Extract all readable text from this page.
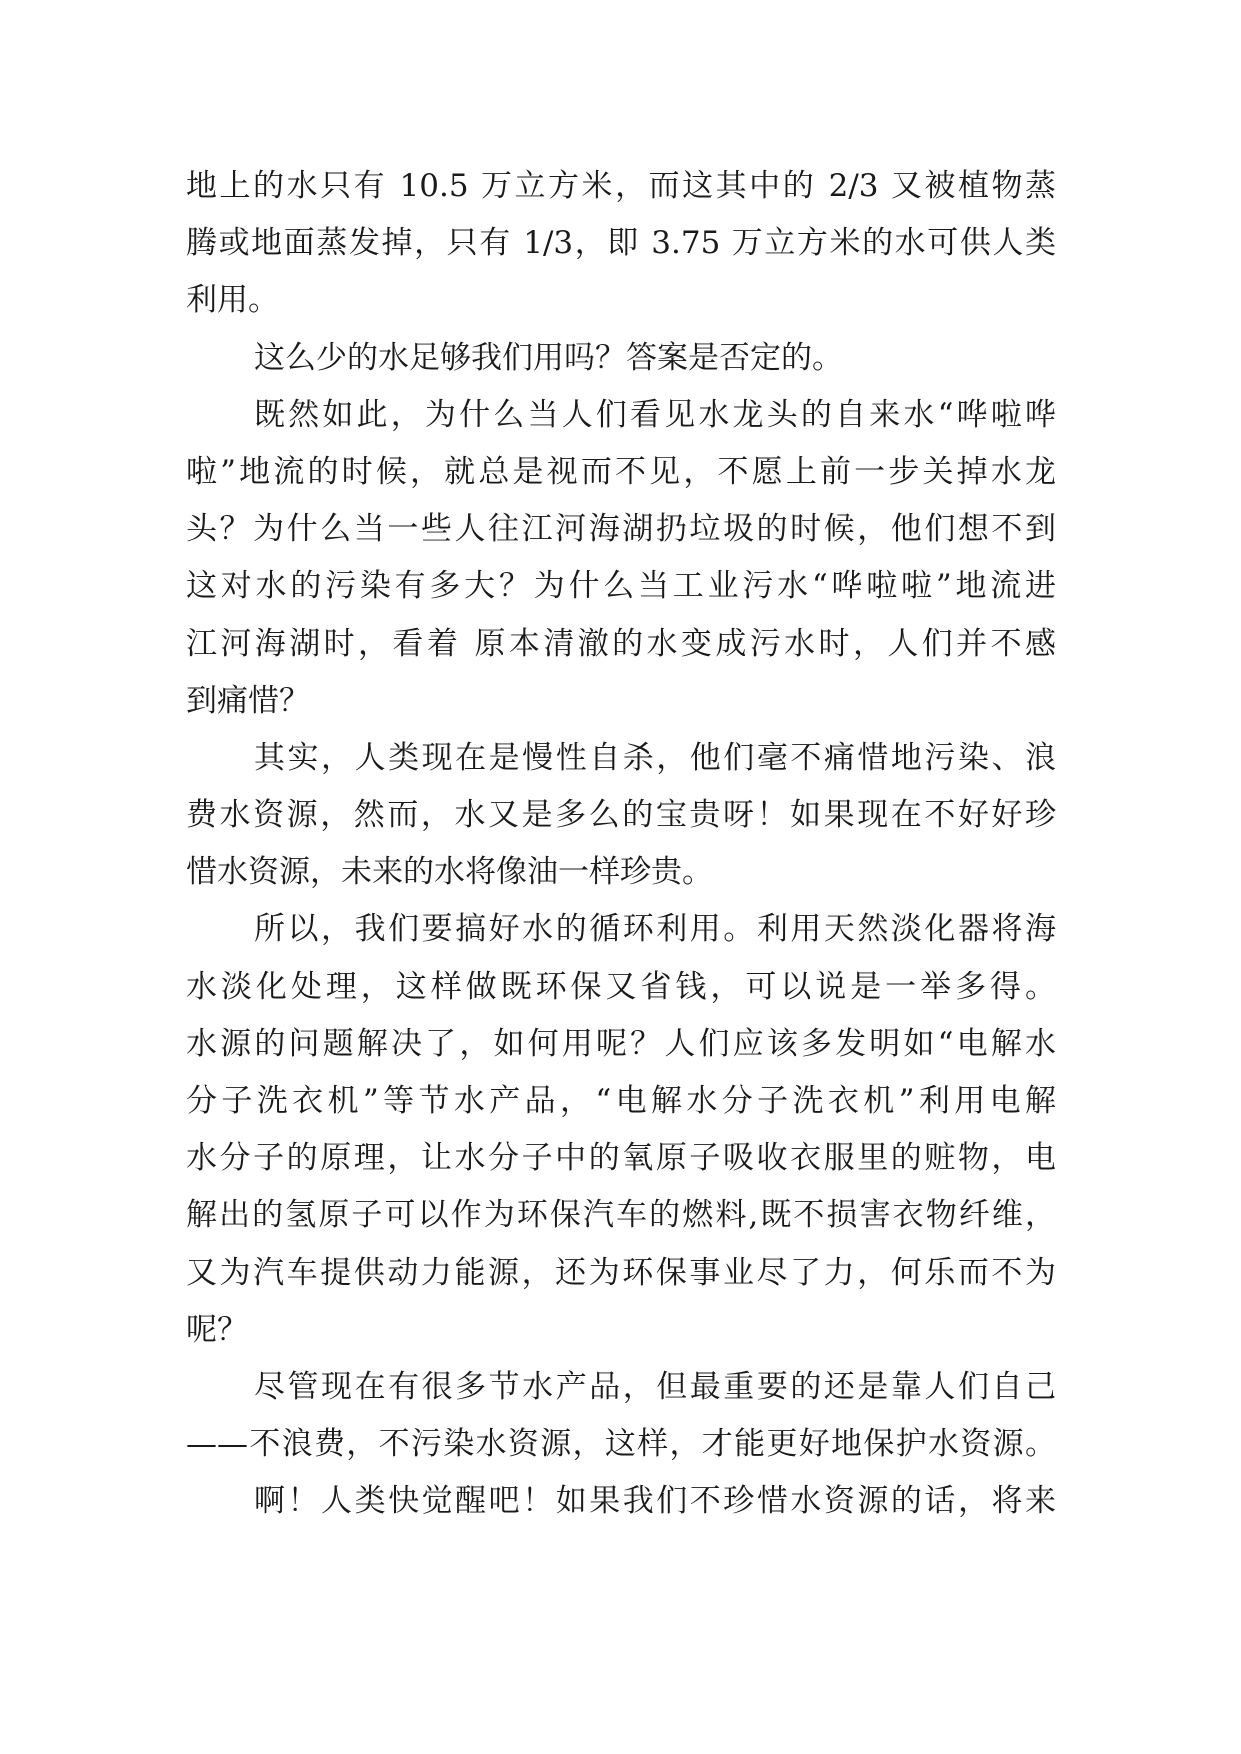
地上的水只有 10.5 万立方米，而这其中的 2/3 又被植物蒸
腾或地面蒸发掉，只有 1/3，即 3.75 万立方米的水可供人类
利用。
这么少的水足够我们用吗？答案是否定的。
既然如此，为什么当人们看见水龙头的自来水“哗啦哗
啦”地流的时候，就总是视而不见，不愿上前一步关掉水龙
头？为什么当一些人往江河海湖扔垃圾的时候，他们想不到
这对水的污染有多大？为什么当工业污水“哗啦啦”地流进
江河海湖时，看着 原本清澈的水变成污水时，人们并不感
到痛惜？
其实，人类现在是慢性自杀，他们毫不痛惜地污染、浪
费水资源，然而，水又是多么的宝贵呀！如果现在不好好珍
惜水资源，未来的水将像油一样珍贵。
所以，我们要搞好水的循环利用。利用天然淡化器将海
水淡化处理，这样做既环保又省钱，可以说是一举多得。
水源的问题解决了，如何用呢？人们应该多发明如“电解水
分子洗衣机”等节水产品，“电解水分子洗衣机”利用电解
水分子的原理，让水分子中的氧原子吸收衣服里的赃物，电
解出的氢原子可以作为环保汽车的燃料,既不损害衣物纤维，
又为汽车提供动力能源，还为环保事业尽了力，何乐而不为
呢？
尽管现在有很多节水产品，但最重要的还是靠人们自己
——不浪费，不污染水资源，这样，才能更好地保护水资源。
啊！人类快觉醒吧！如果我们不珍惜水资源的话，将来
